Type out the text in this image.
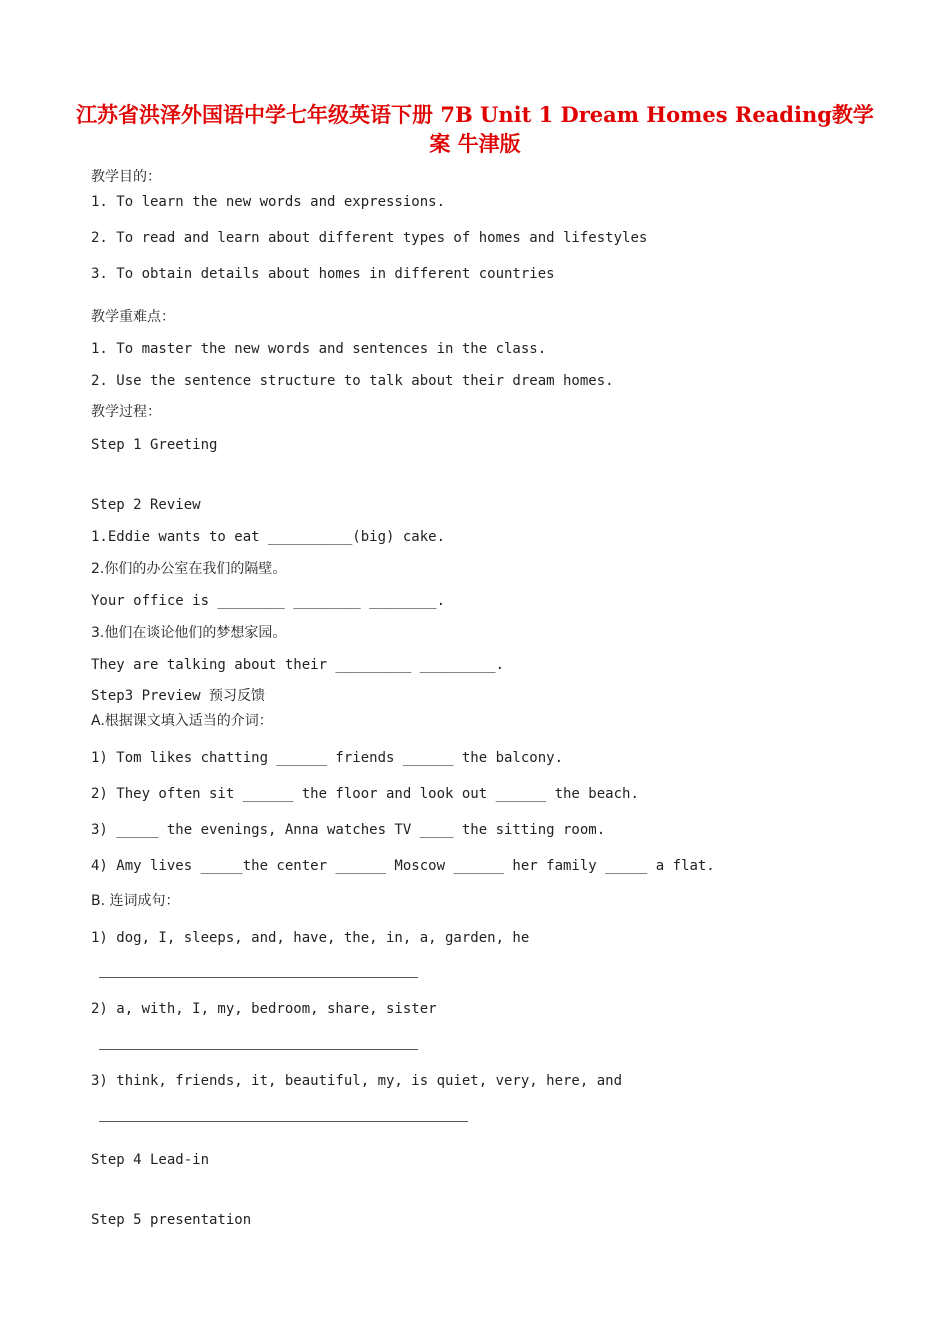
江苏省洪泽外国语中学七年级英语下册 7B Unit 1 Dream Homes Reading教学
案 牛津版
教学目的：
1. To learn the new words and expressions.
2. To read and learn about different types of homes and lifestyles
3. To obtain details about homes in different countries
教学重难点：
1. To master the new words and sentences in the class.
2. Use the sentence structure to talk about their dream homes.
教学过程：
Step 1 Greeting
Step 2 Review
1.Eddie wants to eat __________(big) cake.
2.你们的办公室在我们的隔壁。
Your office is ________ ________ ________.
3.他们在谈论他们的梦想家园。
They are talking about their _________ _________.
Step3 Preview 预习反馈
A.根据课文填入适当的介词：
1) Tom likes chatting ______ friends ______ the balcony.
2) They often sit ______ the floor and look out ______ the beach.
3) _____ the evenings, Anna watches TV ____ the sitting room.
4) Amy lives _____the center ______ Moscow ______ her family _____ a flat.
B. 连词成句：
1) dog, I, sleeps, and, have, the, in, a, garden, he
2) a, with, I, my, bedroom, share, sister
3) think, friends, it, beautiful, my, is quiet, very, here, and
Step 4 Lead-in
Step 5 presentation
